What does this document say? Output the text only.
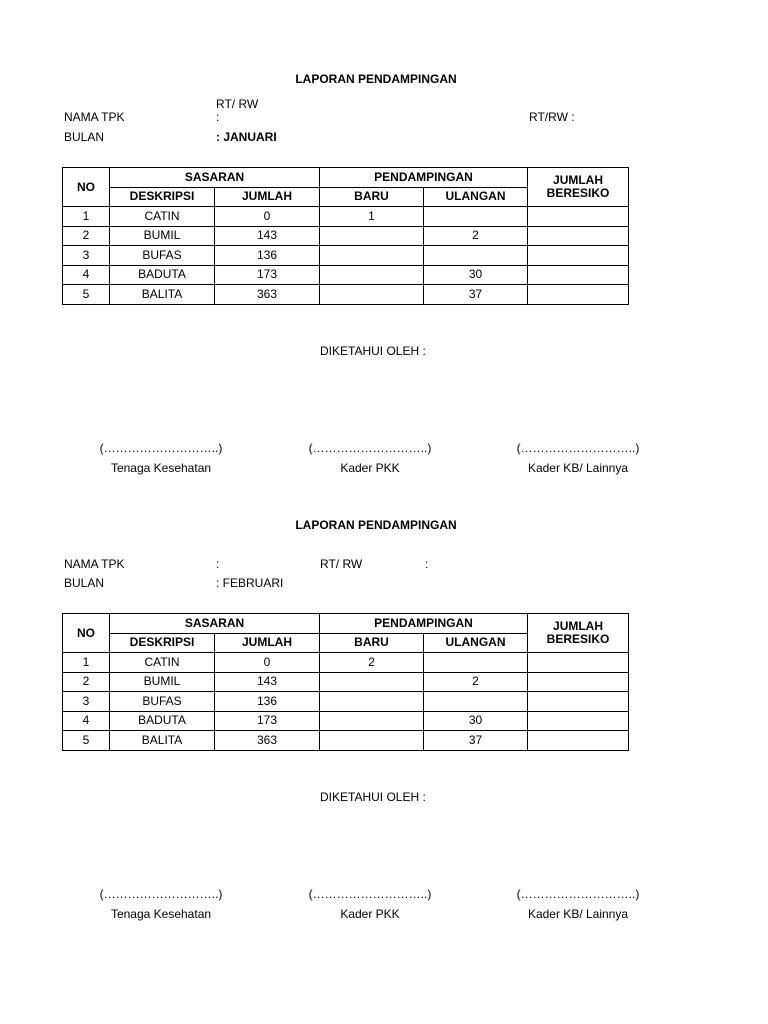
LAPORAN PENDAMPINGAN
RT/ RW
NAMA TPK	:	RT/RW :
BULAN	: JANUARI
NO	SASARAN		PENDAMPINGAN		JUMLAH BERESIKO
	DESKRIPSI	JUMLAH	BARU	ULANGAN	
1	CATIN	0	1		
2	BUMIL	143		2	
3	BUFAS	136			
4	BADUTA	173		30	
5	BALITA	363		37	
DIKETAHUI OLEH :
(………………………..)
Tenaga Kesehatan
(………………………..)
Kader PKK
(………………………..)
Kader KB/ Lainnya
LAPORAN PENDAMPINGAN
NAMA TPK	:	RT/ RW	:
BULAN	: FEBRUARI
NO	SASARAN		PENDAMPINGAN		JUMLAH BERESIKO
	DESKRIPSI	JUMLAH	BARU	ULANGAN	
1	CATIN	0	2		
2	BUMIL	143		2	
3	BUFAS	136			
4	BADUTA	173		30	
5	BALITA	363		37	
DIKETAHUI OLEH :
(………………………..)
Tenaga Kesehatan
(………………………..)
Kader PKK
(………………………..)
Kader KB/ Lainnya
